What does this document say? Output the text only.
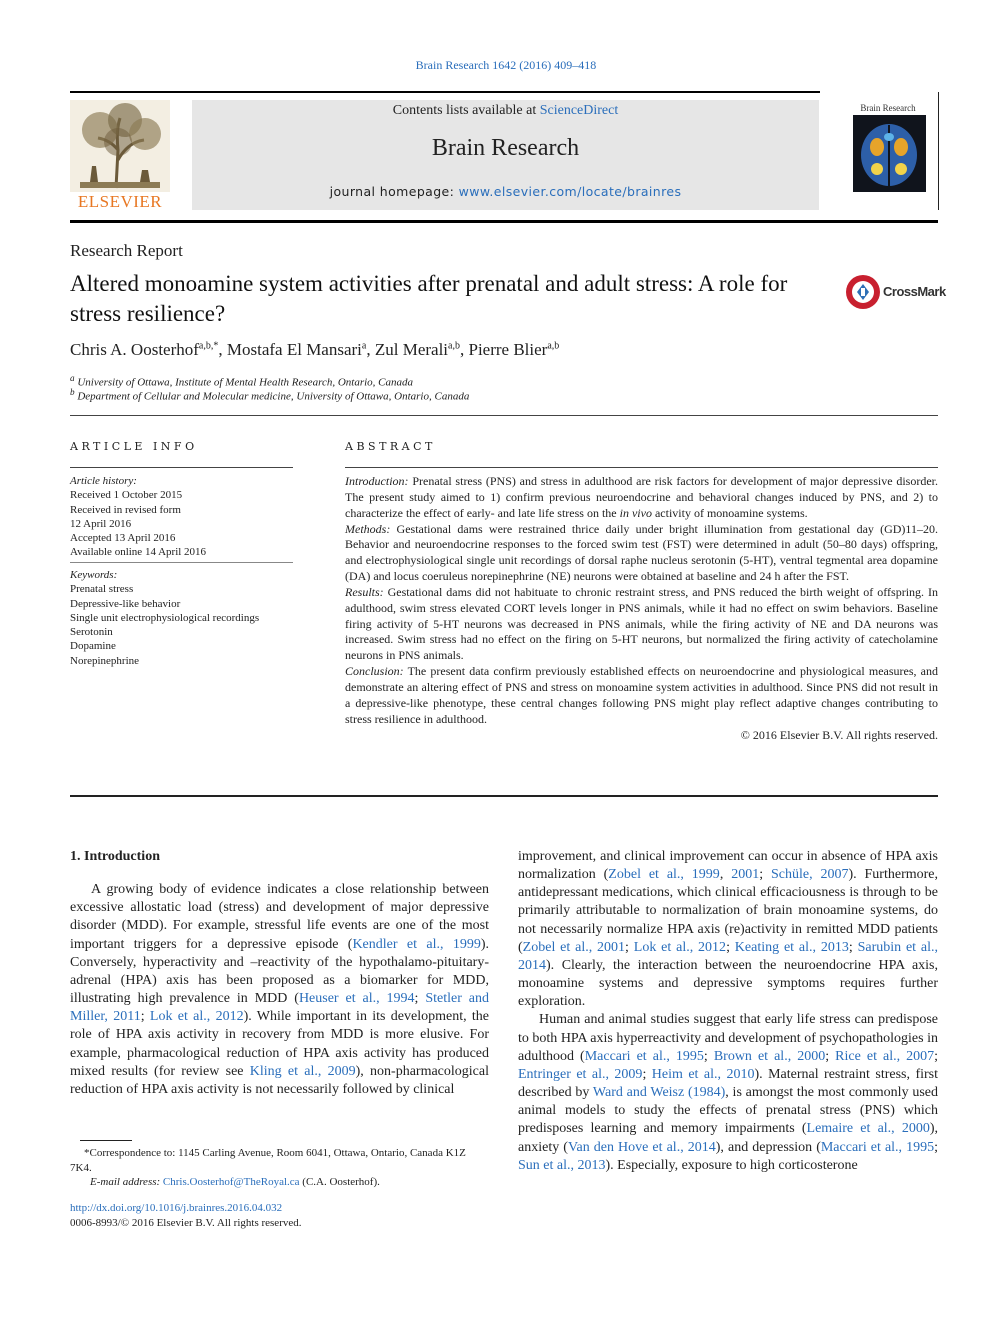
Brain Research 1642 (2016) 409–418
ELSEVIER
Contents lists available at ScienceDirect
Brain Research
journal homepage: www.elsevier.com/locate/brainres
Brain Research
Research Report
Altered monoamine system activities after prenatal and adult stress: A role for stress resilience?
CrossMark
Chris A. Oosterhof$^{a,b,*}$, Mostafa El Mansari$^a$, Zul Merali$^{a,b}$, Pierre Blier$^{a,b}$
$^a$ University of Ottawa, Institute of Mental Health Research, Ontario, Canada
$^b$ Department of Cellular and Molecular medicine, University of Ottawa, Ontario, Canada
ARTICLE INFO
Article history:
Received 1 October 2015
Received in revised form
12 April 2016
Accepted 13 April 2016
Available online 14 April 2016
Keywords:
Prenatal stress
Depressive-like behavior
Single unit electrophysiological recordings
Serotonin
Dopamine
Norepinephrine
ABSTRACT

Introduction: Prenatal stress (PNS) and stress in adulthood are risk factors for development of major depressive disorder. The present study aimed to 1) confirm previous neuroendocrine and behavioral changes induced by PNS, and 2) to characterize the effect of early- and late life stress on the in vivo activity of monoamine systems.

Methods: Gestational dams were restrained thrice daily under bright illumination from gestational day (GD)11–20. Behavior and neuroendocrine responses to the forced swim test (FST) were determined in adult (50–80 days) offspring, and electrophysiological single unit recordings of dorsal raphe nucleus serotonin (5-HT), ventral tegmental area dopamine (DA) and locus coeruleus norepinephrine (NE) neurons were obtained at baseline and 24 h after the FST.

Results: Gestational dams did not habituate to chronic restraint stress, and PNS reduced the birth weight of offspring. In adulthood, swim stress elevated CORT levels longer in PNS animals, while it had no effect on swim behaviors. Baseline firing activity of 5-HT neurons was decreased in PNS animals, while the firing activity of NE and DA neurons was increased. Swim stress had no effect on the firing on 5-HT neurons, but normalized the firing activity of catecholamine neurons in PNS animals.

Conclusion: The present data confirm previously established effects on neuroendocrine and physiological measures, and demonstrate an altering effect of PNS and stress on monoamine system activities in adulthood. Since PNS did not result in a depressive-like phenotype, these central changes following PNS might play reflect adaptive changes contributing to stress resilience in adulthood.

© 2016 Elsevier B.V. All rights reserved.

1. Introduction

A growing body of evidence indicates a close relationship between excessive allostatic load (stress) and development of major depressive disorder (MDD). For example, stressful life events are one of the most important triggers for a depressive episode (Kendler et al., 1999). Conversely, hyperactivity and –reactivity of the hypothalamo-pituitary-adrenal (HPA) axis has been proposed as a biomarker for MDD, illustrating high prevalence in MDD (Heuser et al., 1994; Stetler and Miller, 2011; Lok et al., 2012). While important in its development, the role of HPA axis activity in recovery from MDD is more elusive. For example, pharmacological reduction of HPA axis activity has produced mixed results (for review see Kling et al., 2009), non-pharmacological reduction of HPA axis activity is not necessarily followed by clinical

improvement, and clinical improvement can occur in absence of HPA axis normalization (Zobel et al., 1999, 2001; Schüle, 2007). Furthermore, antidepressant medications, which clinical efficaciousness is through to be primarily attributable to normalization of brain monoamine systems, do not necessarily normalize HPA axis (re)activity in remitted MDD patients (Zobel et al., 2001; Lok et al., 2012; Keating et al., 2013; Sarubin et al., 2014). Clearly, the interaction between the neuroendocrine HPA axis, monoamine systems and depressive symptoms requires further exploration.

Human and animal studies suggest that early life stress can predispose to both HPA axis hyperreactivity and development of psychopathologies in adulthood (Maccari et al., 1995; Brown et al., 2000; Rice et al., 2007; Entringer et al., 2009; Heim et al., 2010). Maternal restraint stress, first described by Ward and Weisz (1984), is amongst the most commonly used animal models to study the effects of prenatal stress (PNS) which predisposes learning and memory impairments (Lemaire et al., 2000), anxiety (Van den Hove et al., 2014), and depression (Maccari et al., 1995; Sun et al., 2013). Especially, exposure to high corticosterone

*Correspondence to: 1145 Carling Avenue, Room 6041, Ottawa, Ontario, Canada K1Z 7K4.
E-mail address: Chris.Oosterhof@TheRoyal.ca (C.A. Oosterhof).
http://dx.doi.org/10.1016/j.brainres.2016.04.032
0006-8993/© 2016 Elsevier B.V. All rights reserved.
